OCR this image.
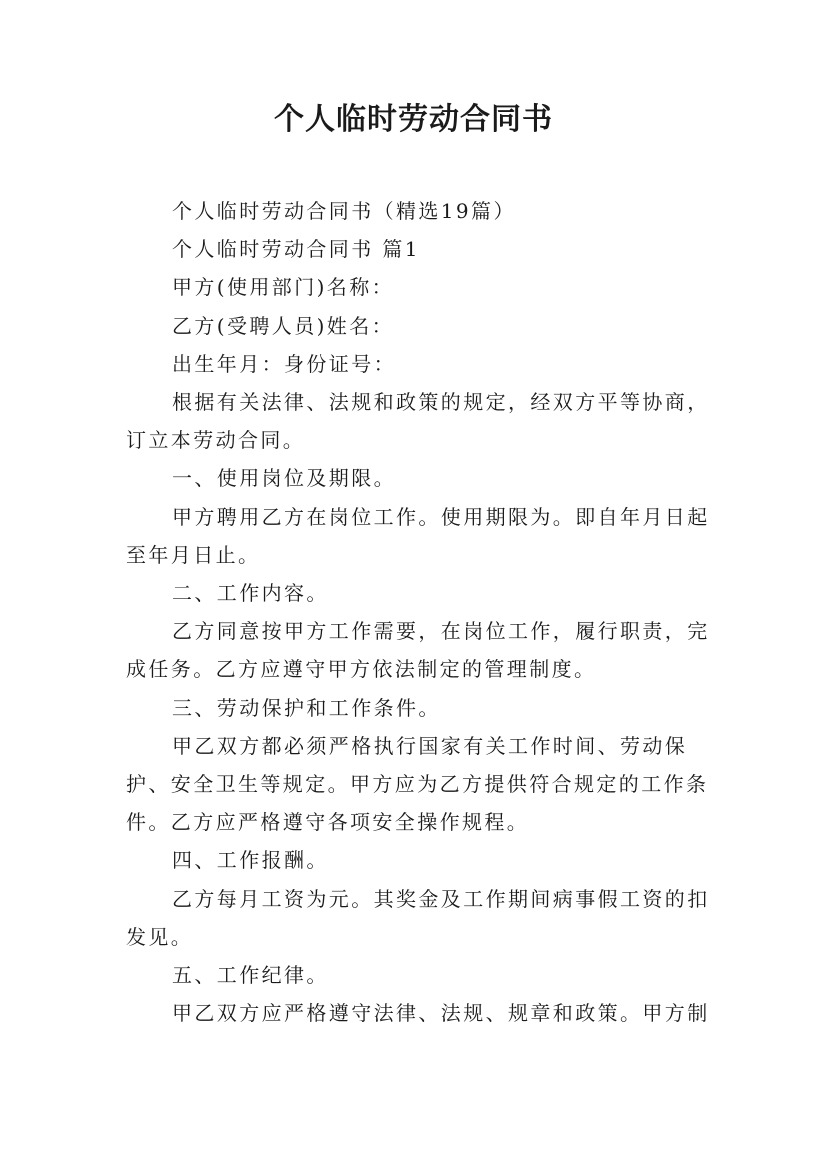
个人临时劳动合同书

个人临时劳动合同书（精选19篇）

个人临时劳动合同书 篇1

甲方(使用部门)名称：

乙方(受聘人员)姓名：

出生年月：身份证号：

根据有关法律、法规和政策的规定，经双方平等协商，订立本劳动合同。

一、使用岗位及期限。

甲方聘用乙方在岗位工作。使用期限为。即自年月日起至年月日止。

二、工作内容。

乙方同意按甲方工作需要，在岗位工作，履行职责，完成任务。乙方应遵守甲方依法制定的管理制度。

三、劳动保护和工作条件。

甲乙双方都必须严格执行国家有关工作时间、劳动保护、安全卫生等规定。甲方应为乙方提供符合规定的工作条件。乙方应严格遵守各项安全操作规程。

四、工作报酬。

乙方每月工资为元。其奖金及工作期间病事假工资的扣发见。

五、工作纪律。

甲乙双方应严格遵守法律、法规、规章和政策。甲方制
